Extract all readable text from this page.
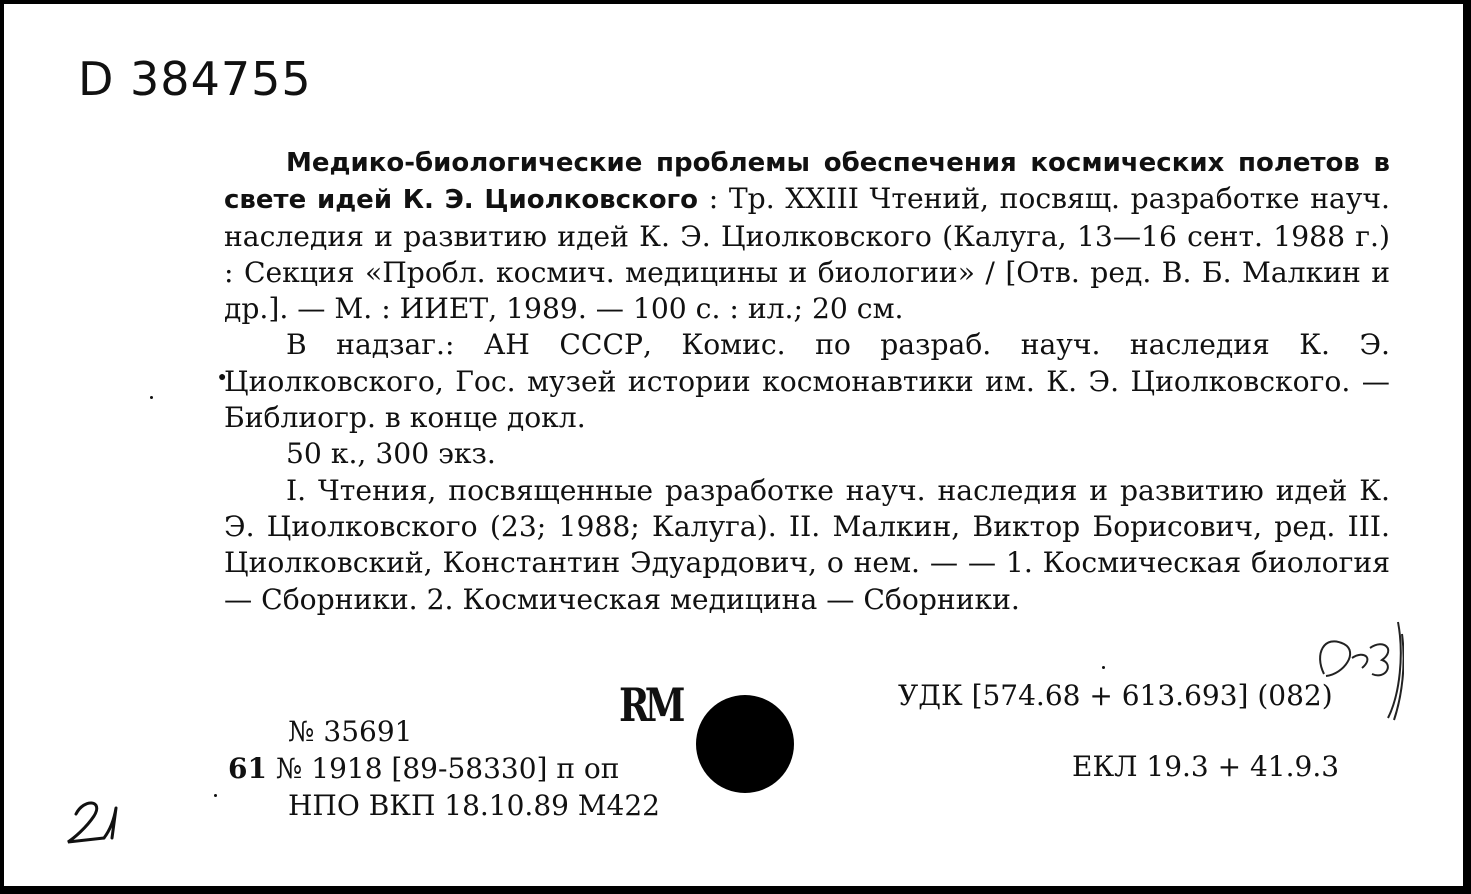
D 384755
Медико-биологические проблемы обеспечения космических полетов в свете идей К. Э. Циолковского : Тр. XXIII Чтений, посвящ. разработке науч. наследия и развитию идей К. Э. Циолковского (Калуга, 13—16 сент. 1988 г.) : Секция «Пробл. космич. медицины и биологии» / [Отв. ред. В. Б. Малкин и др.]. — М. : ИИЕТ, 1989. — 100 с. : ил.; 20 см.
В надзаг.: АН СССР, Комис. по разраб. науч. наследия К. Э. Циолковского, Гос. музей истории космонавтики им. К. Э. Циолковского. — Библиогр. в конце докл.
50 к., 300 экз.
I. Чтения, посвященные разработке науч. наследия и развитию идей К. Э. Циолковского (23; 1988; Калуга). II. Малкин, Виктор Борисович, ред. III. Циолковский, Константин Эдуардович, о нем. — — 1. Космическая биология — Сборники. 2. Космическая медицина — Сборники.
●
RM	УДК [574.68 + 613.693] (082)
ЕКЛ 19.3 + 41.9.3
№ 35691
61 № 1918 [89-58330] п оп
НПО ВКП 18.10.89 М422
